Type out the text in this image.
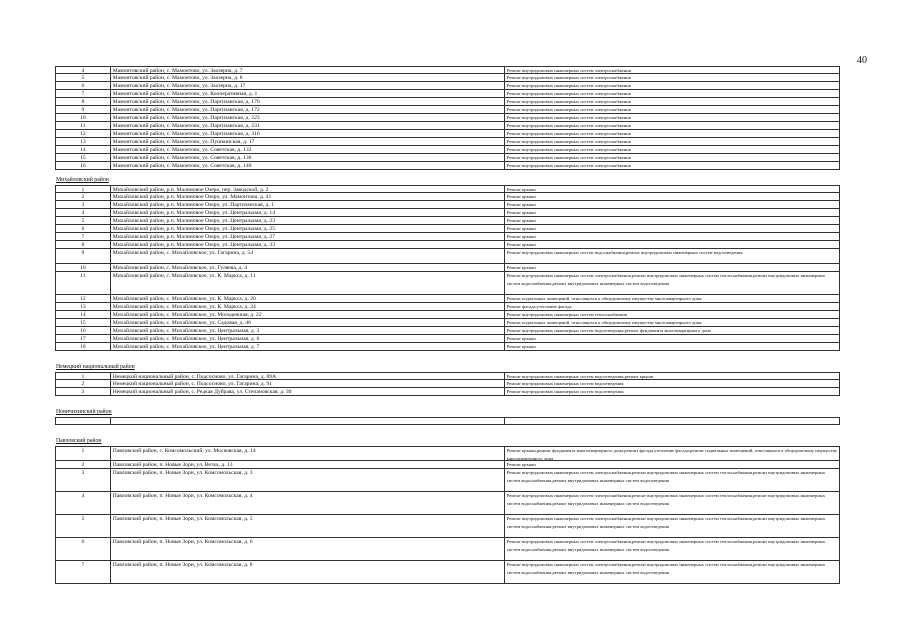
40
4	Мамонтовский район, с. Мамонтово, ул. Заозерна, д. 7	Ремонт внутридомовых инженерных систем электроснабжения
5	Мамонтовский район, с. Мамонтово, ул. Заозерна, д. 8	Ремонт внутридомовых инженерных систем электроснабжения
6	Мамонтовский район, с. Мамонтово, ул. Заозерна, д. 17	Ремонт внутридомовых инженерных систем электроснабжения
7	Мамонтовский район, с. Мамонтово, ул. Кооперативная, д. 1	Ремонт внутридомовых инженерных систем электроснабжения
8	Мамонтовский район, с. Мамонтово, ул. Партизанская, д. 170	Ремонт внутридомовых инженерных систем электроснабжения
9	Мамонтовский район, с. Мамонтово, ул. Партизанская, д. 172	Ремонт внутридомовых инженерных систем электроснабжения
10	Мамонтовский район, с. Мамонтово, ул. Партизанская, д. 223	Ремонт внутридомовых инженерных систем электроснабжения
11	Мамонтовский район, с. Мамонтово, ул. Партизанская, д. 231	Ремонт внутридомовых инженерных систем электроснабжения
12	Мамонтовский район, с. Мамонтово, ул. Партизанская, д. 316	Ремонт внутридомовых инженерных систем электроснабжения
13	Мамонтовский район, с. Мамонтово, ул. Пушкинская, д. 17	Ремонт внутридомовых инженерных систем электроснабжения
14	Мамонтовский район, с. Мамонтово, ул. Советская, д. 132	Ремонт внутридомовых инженерных систем электроснабжения
15	Мамонтовский район, с. Мамонтово, ул. Советская, д. 136	Ремонт внутридомовых инженерных систем электроснабжения
16	Мамонтовский район, с. Мамонтово, ул. Советская, д. 140	Ремонт внутридомовых инженерных систем электроснабжения
Михайловский район
1	Михайловский район, р.п. Малиновое Озеро, пер. Заводской, д. 2	Ремонт крыши
2	Михайловский район, р.п. Малиновое Озеро, ул. Мамонтова, д. 41	Ремонт крыши
3	Михайловский район, р.п. Малиновое Озеро, ул. Партизанская, д. 1	Ремонт крыши
4	Михайловский район, р.п. Малиновое Озеро, ул. Центральная, д. 14	Ремонт крыши
5	Михайловский район, р.п. Малиновое Озеро, ул. Центральная, д. 23	Ремонт крыши
6	Михайловский район, р.п. Малиновое Озеро, ул. Центральная, д. 25	Ремонт крыши
7	Михайловский район, р.п. Малиновое Озеро, ул. Центральная, д. 27	Ремонт крыши
8	Михайловский район, р.п. Малиновое Озеро, ул. Центральная, д. 33	Ремонт крыши
9	Михайловский район, с. Михайловское, ул. Гагарина, д. 54	Ремонт внутридомовых инженерных систем водоснабжения,ремонт внутридомовых инженерных систем водоотведения
10	Михайловский район, с. Михайловское, ул. Гуляева, д. 4	Ремонт крыши
11	Михайловский район, с. Михайловское, ул. К. Маркса, д. 11	Ремонт внутридомовых инженерных систем электроснабжения,ремонт внутридомовых инженерных систем теплоснабжения,ремонт внутридомовых инженерных систем водоснабжения,ремонт внутридомовых инженерных систем водоотведения
12	Михайловский район, с. Михайловское, ул. К. Маркса, д. 20	Ремонт подвальных помещений, относящихся к общедомовому имуществу многоквартирного дома
13	Михайловский район, с. Михайловское, ул. К. Маркса, д. 24	Ремонт фасада,утепление фасада
14	Михайловский район, с. Михайловское, ул. Молодежная, д. 22	Ремонт внутридомовых инженерных систем теплоснабжения
15	Михайловский район, с. Михайловское, ул. Садовая, д. 46	Ремонт подвальных помещений, относящихся к общедомовому имуществу многоквартирного дома
16	Михайловский район, с. Михайловское, ул. Центральная, д. 3	Ремонт внутридомовых инженерных систем водоотведения,ремонт фундамента многоквартирного дома
17	Михайловский район, с. Михайловское, ул. Центральная, д. 6	Ремонт крыши
18	Михайловский район, с. Михайловское, ул. Центральная, д. 7	Ремонт крыши
Немецкий национальный район
1	Немецкий национальный район, с. Подсосново, ул. Гагарина, д. 89А	Ремонт внутридомовых инженерных систем водоотведения,ремонт крыши
2	Немецкий национальный район, с. Подсосново, ул. Гагарина, д. 91	Ремонт внутридомовых инженерных систем водоотведения
3	Немецкий национальный район, с. Редкая Дубрава, ул. Степановская, д. 30	Ремонт внутридомовых инженерных систем водоотведения
Новичихинский район
Павловский район
1	Павловский район, с. Комсомольский, ул. Московская, д. 14	Ремонт крыши,ремонт фундамента многоквартирного дома,ремонт фасада,утепление фасада,ремонт подвальных помещений, относящихся к общедомовому имуществу многоквартирного дома
2	Павловский район, п. Новые Зори, ул. Ветка, д. 13	Ремонт крыши
3	Павловский район, п. Новые Зори, ул. Комсомольская, д. 3	Ремонт внутридомовых инженерных систем электроснабжения,ремонт внутридомовых инженерных систем теплоснабжения,ремонт внутридомовых инженерных систем водоснабжения,ремонт внутридомовых инженерных систем водоотведения
4	Павловский район, п. Новые Зори, ул. Комсомольская, д. 4	Ремонт внутридомовых инженерных систем электроснабжения,ремонт внутридомовых инженерных систем теплоснабжения,ремонт внутридомовых инженерных систем водоснабжения,ремонт внутридомовых инженерных систем водоотведения
5	Павловский район, п. Новые Зори, ул. Комсомольская, д. 5	Ремонт внутридомовых инженерных систем электроснабжения,ремонт внутридомовых инженерных систем теплоснабжения,ремонт внутридомовых инженерных систем водоснабжения,ремонт внутридомовых инженерных систем водоотведения
6	Павловский район, п. Новые Зори, ул. Комсомольская, д. 6	Ремонт внутридомовых инженерных систем электроснабжения,ремонт внутридомовых инженерных систем теплоснабжения,ремонт внутридомовых инженерных систем водоснабжения,ремонт внутридомовых инженерных систем водоотведения
7	Павловский район, п. Новые Зори, ул. Комсомольская, д. 8	Ремонт внутридомовых инженерных систем электроснабжения,ремонт внутридомовых инженерных систем теплоснабжения,ремонт внутридомовых инженерных систем водоснабжения,ремонт внутридомовых инженерных систем водоотведения
